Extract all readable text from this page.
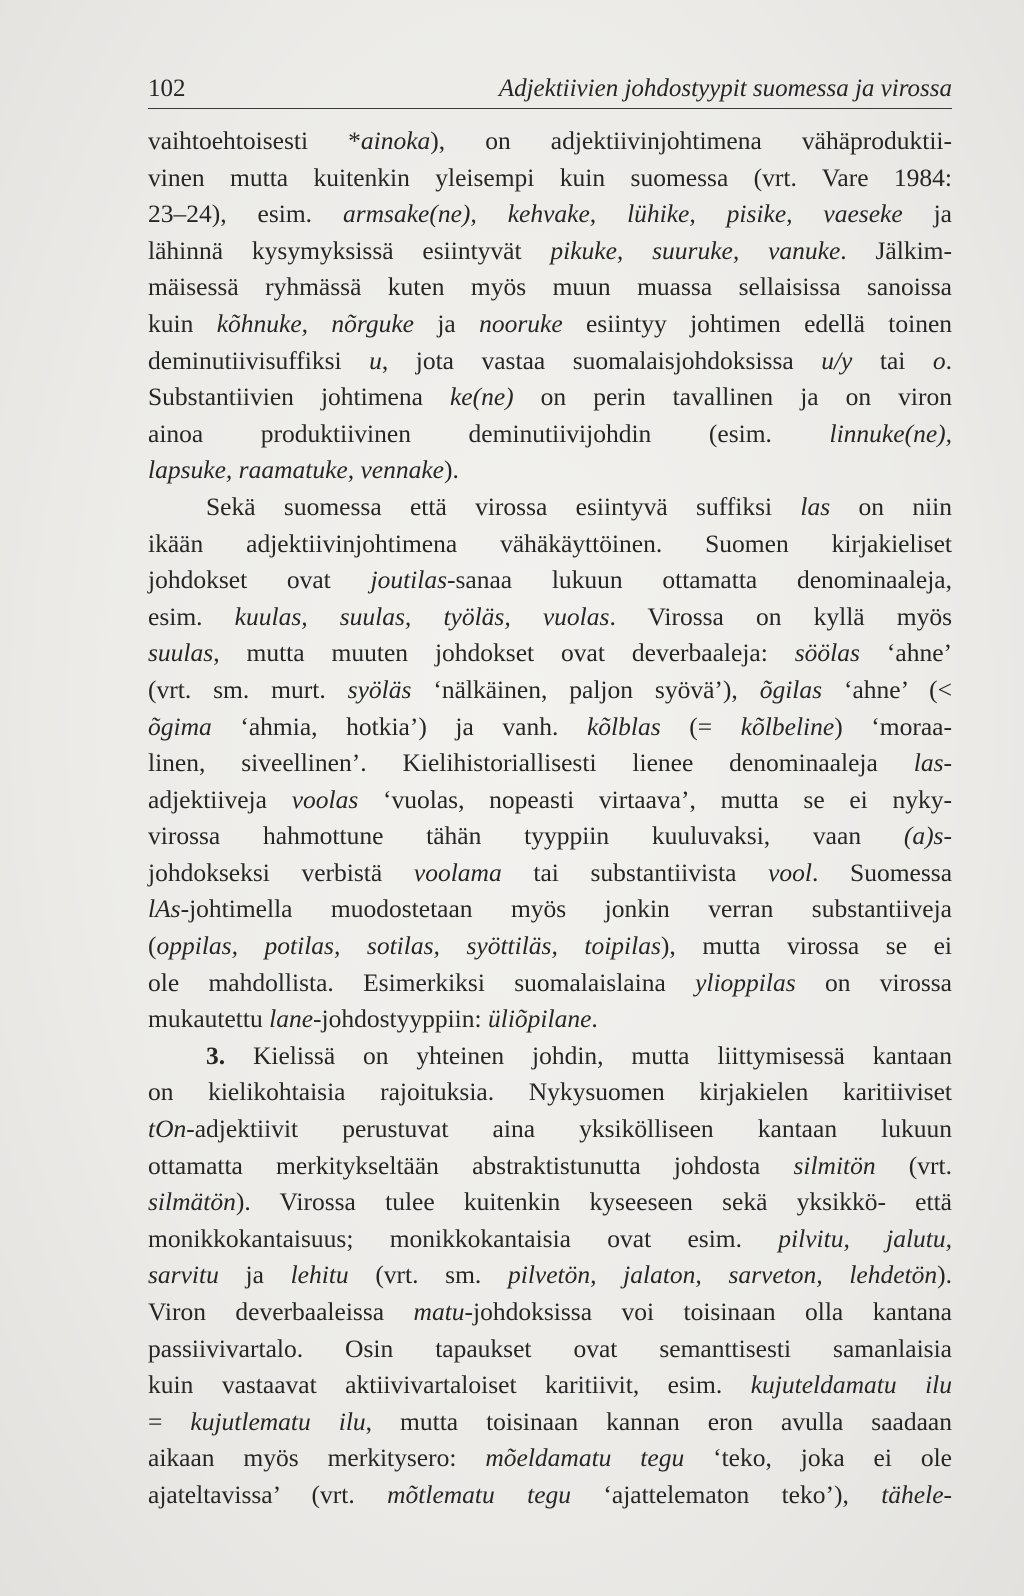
102	Adjektiivien johdostyypit suomessa ja virossa
vaihtoehtoisesti *ainoka), on adjektiivinjohtimena vähäproduktii-
vinen mutta kuitenkin yleisempi kuin suomessa (vrt. Vare 1984:
23–24), esim. armsake(ne), kehvake, lühike, pisike, vaeseke ja
lähinnä kysymyksissä esiintyvät pikuke, suuruke, vanuke. Jälkim-
mäisessä ryhmässä kuten myös muun muassa sellaisissa sanoissa
kuin kõhnuke, nõrguke ja nooruke esiintyy johtimen edellä toinen
deminutiivisuffiksi u, jota vastaa suomalaisjohdoksissa u/y tai o.
Substantiivien johtimena ke(ne) on perin tavallinen ja on viron
ainoa produktiivinen deminutiivijohdin (esim. linnuke(ne),
lapsuke, raamatuke, vennake).
Sekä suomessa että virossa esiintyvä suffiksi las on niin
ikään adjektiivinjohtimena vähäkäyttöinen. Suomen kirjakieliset
johdokset ovat joutilas-sanaa lukuun ottamatta denominaaleja,
esim. kuulas, suulas, työläs, vuolas. Virossa on kyllä myös
suulas, mutta muuten johdokset ovat deverbaaleja: söölas ‘ahne’
(vrt. sm. murt. syöläs ‘nälkäinen, paljon syövä’), õgilas ‘ahne’ (<
õgima ‘ahmia, hotkia’) ja vanh. kõlblas (= kõlbeline) ‘moraa-
linen, siveellinen’. Kielihistoriallisesti lienee denominaaleja las-
adjektiiveja voolas ‘vuolas, nopeasti virtaava’, mutta se ei nyky-
virossa hahmottune tähän tyyppiin kuuluvaksi, vaan (a)s-
johdokseksi verbistä voolama tai substantiivista vool. Suomessa
lAs-johtimella muodostetaan myös jonkin verran substantiiveja
(oppilas, potilas, sotilas, syöttiläs, toipilas), mutta virossa se ei
ole mahdollista. Esimerkiksi suomalaislaina ylioppilas on virossa
mukautettu lane-johdostyyppiin: üliõpilane.
3. Kielissä on yhteinen johdin, mutta liittymisessä kantaan
on kielikohtaisia rajoituksia. Nykysuomen kirjakielen karitiiviset
tOn-adjektiivit perustuvat aina yksikölliseen kantaan lukuun
ottamatta merkitykseltään abstraktistunutta johdosta silmitön (vrt.
silmätön). Virossa tulee kuitenkin kyseeseen sekä yksikkö- että
monikkokantaisuus; monikkokantaisia ovat esim. pilvitu, jalutu,
sarvitu ja lehitu (vrt. sm. pilvetön, jalaton, sarveton, lehdetön).
Viron deverbaaleissa matu-johdoksissa voi toisinaan olla kantana
passiivivartalo. Osin tapaukset ovat semanttisesti samanlaisia
kuin vastaavat aktiivivartaloiset karitiivit, esim. kujuteldamatu ilu
= kujutlematu ilu, mutta toisinaan kannan eron avulla saadaan
aikaan myös merkitysero: mõeldamatu tegu ‘teko, joka ei ole
ajateltavissa’ (vrt. mõtlematu tegu ‘ajattelematon teko’), tähele-
